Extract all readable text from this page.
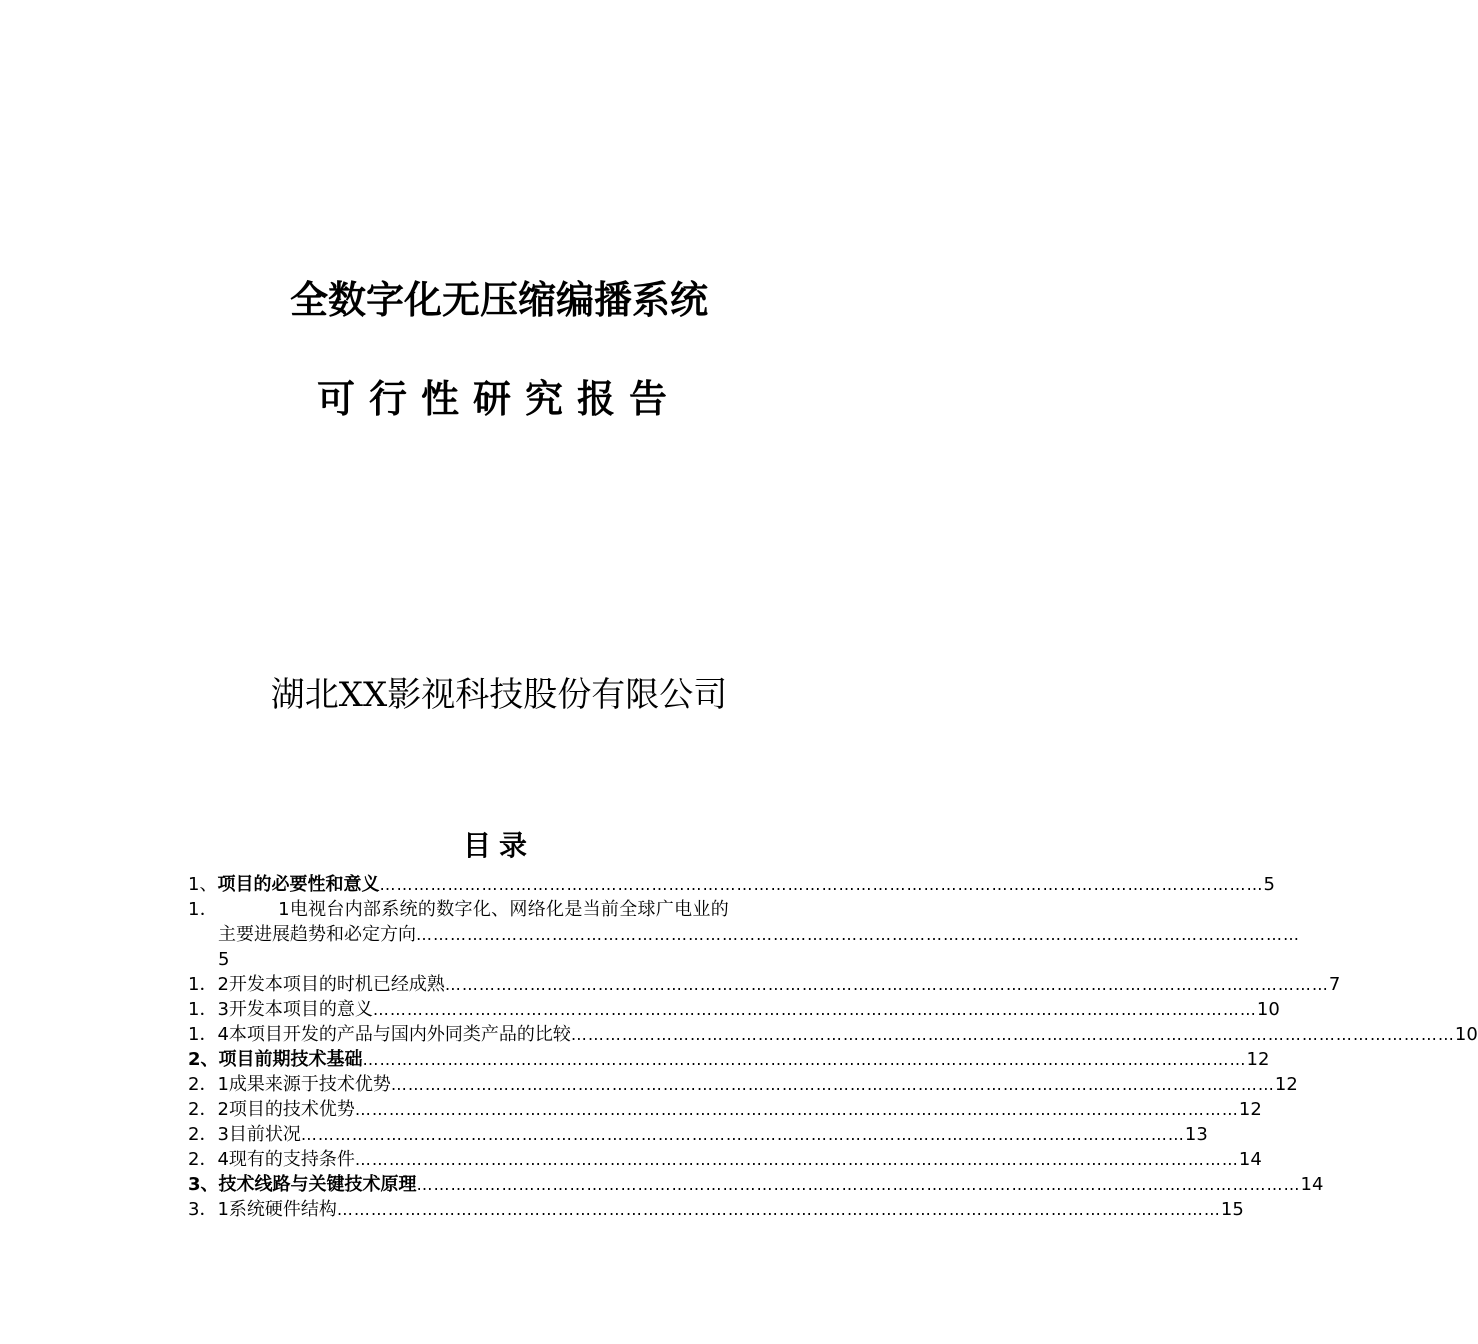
全数字化无压缩编播系统
可行性研究报告
湖北XX影视科技股份有限公司
目录
1、项目的必要性和意义 ………………………………………………………………………………………………………………………………………… 5
1．	1电视台内部系统的数字化、网络化是当前全球广电业的
主要进展趋势和必定方向 …………………………………………………………………………………………………………………………………………
5
1．2开发本项目的时机已经成熟 ………………………………………………………………………………………………………………………………………… 7
1．3开发本项目的意义 ………………………………………………………………………………………………………………………………………… 10
1．4本项目开发的产品与国内外同类产品的比较 ………………………………………………………………………………………………………………………………………… 10
2、项目前期技术基础 ………………………………………………………………………………………………………………………………………… 12
2．1成果来源于技术优势 ………………………………………………………………………………………………………………………………………… 12
2．2项目的技术优势 ………………………………………………………………………………………………………………………………………… 12
2．3目前状况 ………………………………………………………………………………………………………………………………………… 13
2．4现有的支持条件 ………………………………………………………………………………………………………………………………………… 14
3、技术线路与关键技术原理 ………………………………………………………………………………………………………………………………………… 14
3．1系统硬件结构 ………………………………………………………………………………………………………………………………………… 15
